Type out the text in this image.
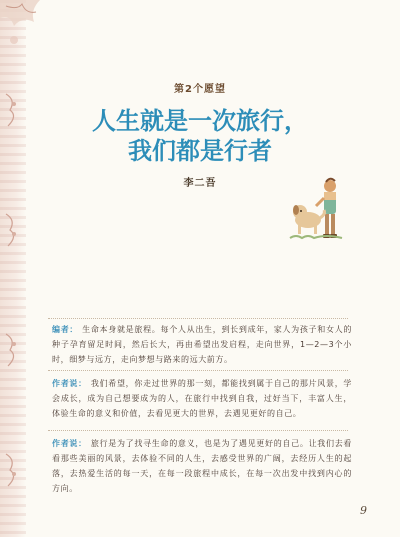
第2个愿望
人生就是一次旅行，
我们都是行者
李二吾
编者： 生命本身就是旅程。每个人从出生，到长到成年，家人为孩子和女人的种子孕育留足时间，然后长大，再由希望出发启程，走向世界，1—2—3个小时，细梦与远方，走向梦想与路来的远大前方。
作者说： 我们希望，你走过世界的那一刻，都能找到属于自己的那片风景，学会成长，成为自己想要成为的人，在旅行中找到自我，过好当下，丰富人生，体验生命的意义和价值，去看见更大的世界，去遇见更好的自己。
作者说： 旅行是为了找寻生命的意义，也是为了遇见更好的自己。让我们去看看那些美丽的风景，去体验不同的人生，去感受世界的广阔，去经历人生的起落，去热爱生活的每一天，在每一段旅程中成长，在每一次出发中找到内心的方向。
9
